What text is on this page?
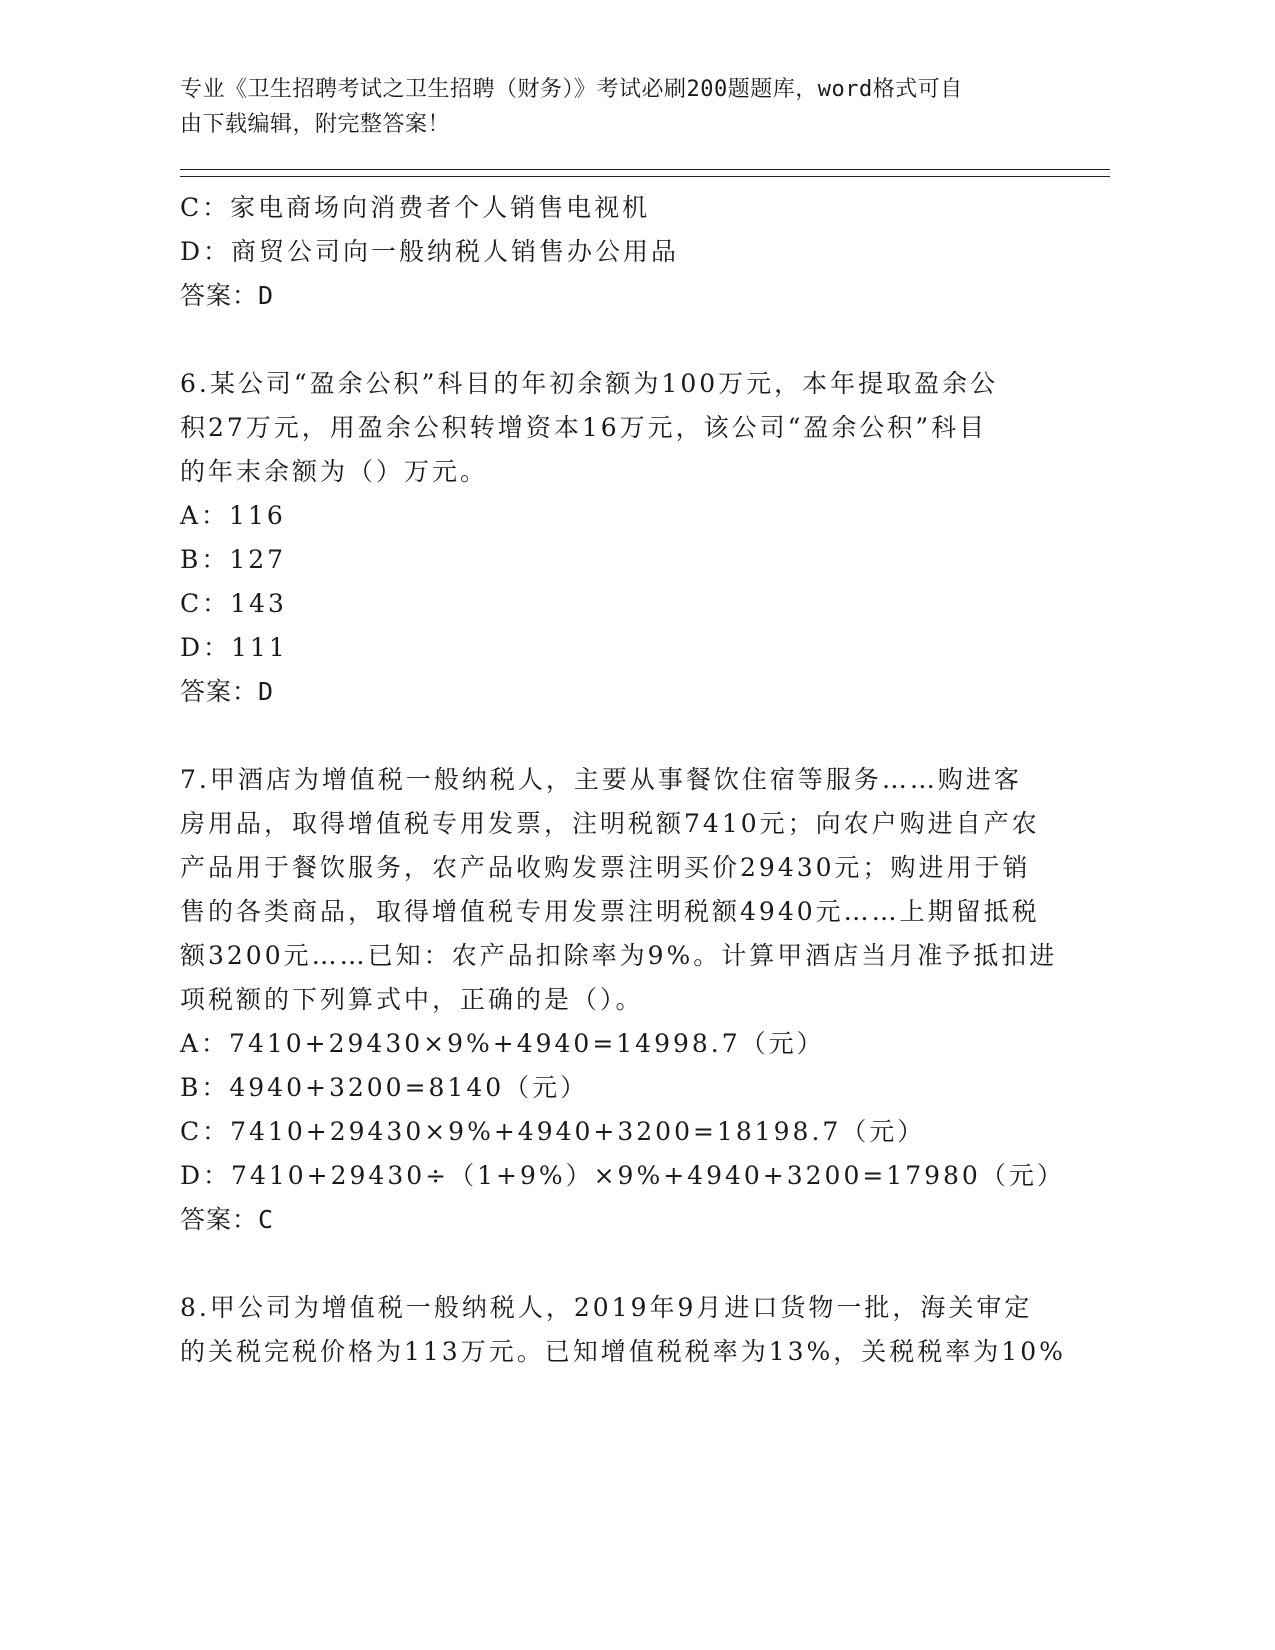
专业《卫生招聘考试之卫生招聘（财务）》考试必刷200题题库，word格式可自
由下载编辑，附完整答案！
C：家电商场向消费者个人销售电视机
D：商贸公司向一般纳税人销售办公用品
答案：D
6.某公司“盈余公积”科目的年初余额为100万元，本年提取盈余公
积27万元，用盈余公积转增资本16万元，该公司“盈余公积”科目
的年末余额为（）万元。
A：116
B：127
C：143
D：111
答案：D
7.甲酒店为增值税一般纳税人，主要从事餐饮住宿等服务……购进客
房用品，取得增值税专用发票，注明税额7410元；向农户购进自产农
产品用于餐饮服务，农产品收购发票注明买价29430元；购进用于销
售的各类商品，取得增值税专用发票注明税额4940元……上期留抵税
额3200元……已知：农产品扣除率为9%。计算甲酒店当月准予抵扣进
项税额的下列算式中，正确的是（）。
A：7410+29430×9%+4940=14998.7（元）
B：4940+3200=8140（元）
C：7410+29430×9%+4940+3200=18198.7（元）
D：7410+29430÷（1+9%）×9%+4940+3200=17980（元）
答案：C
8.甲公司为增值税一般纳税人，2019年9月进口货物一批，海关审定
的关税完税价格为113万元。已知增值税税率为13%，关税税率为10%
